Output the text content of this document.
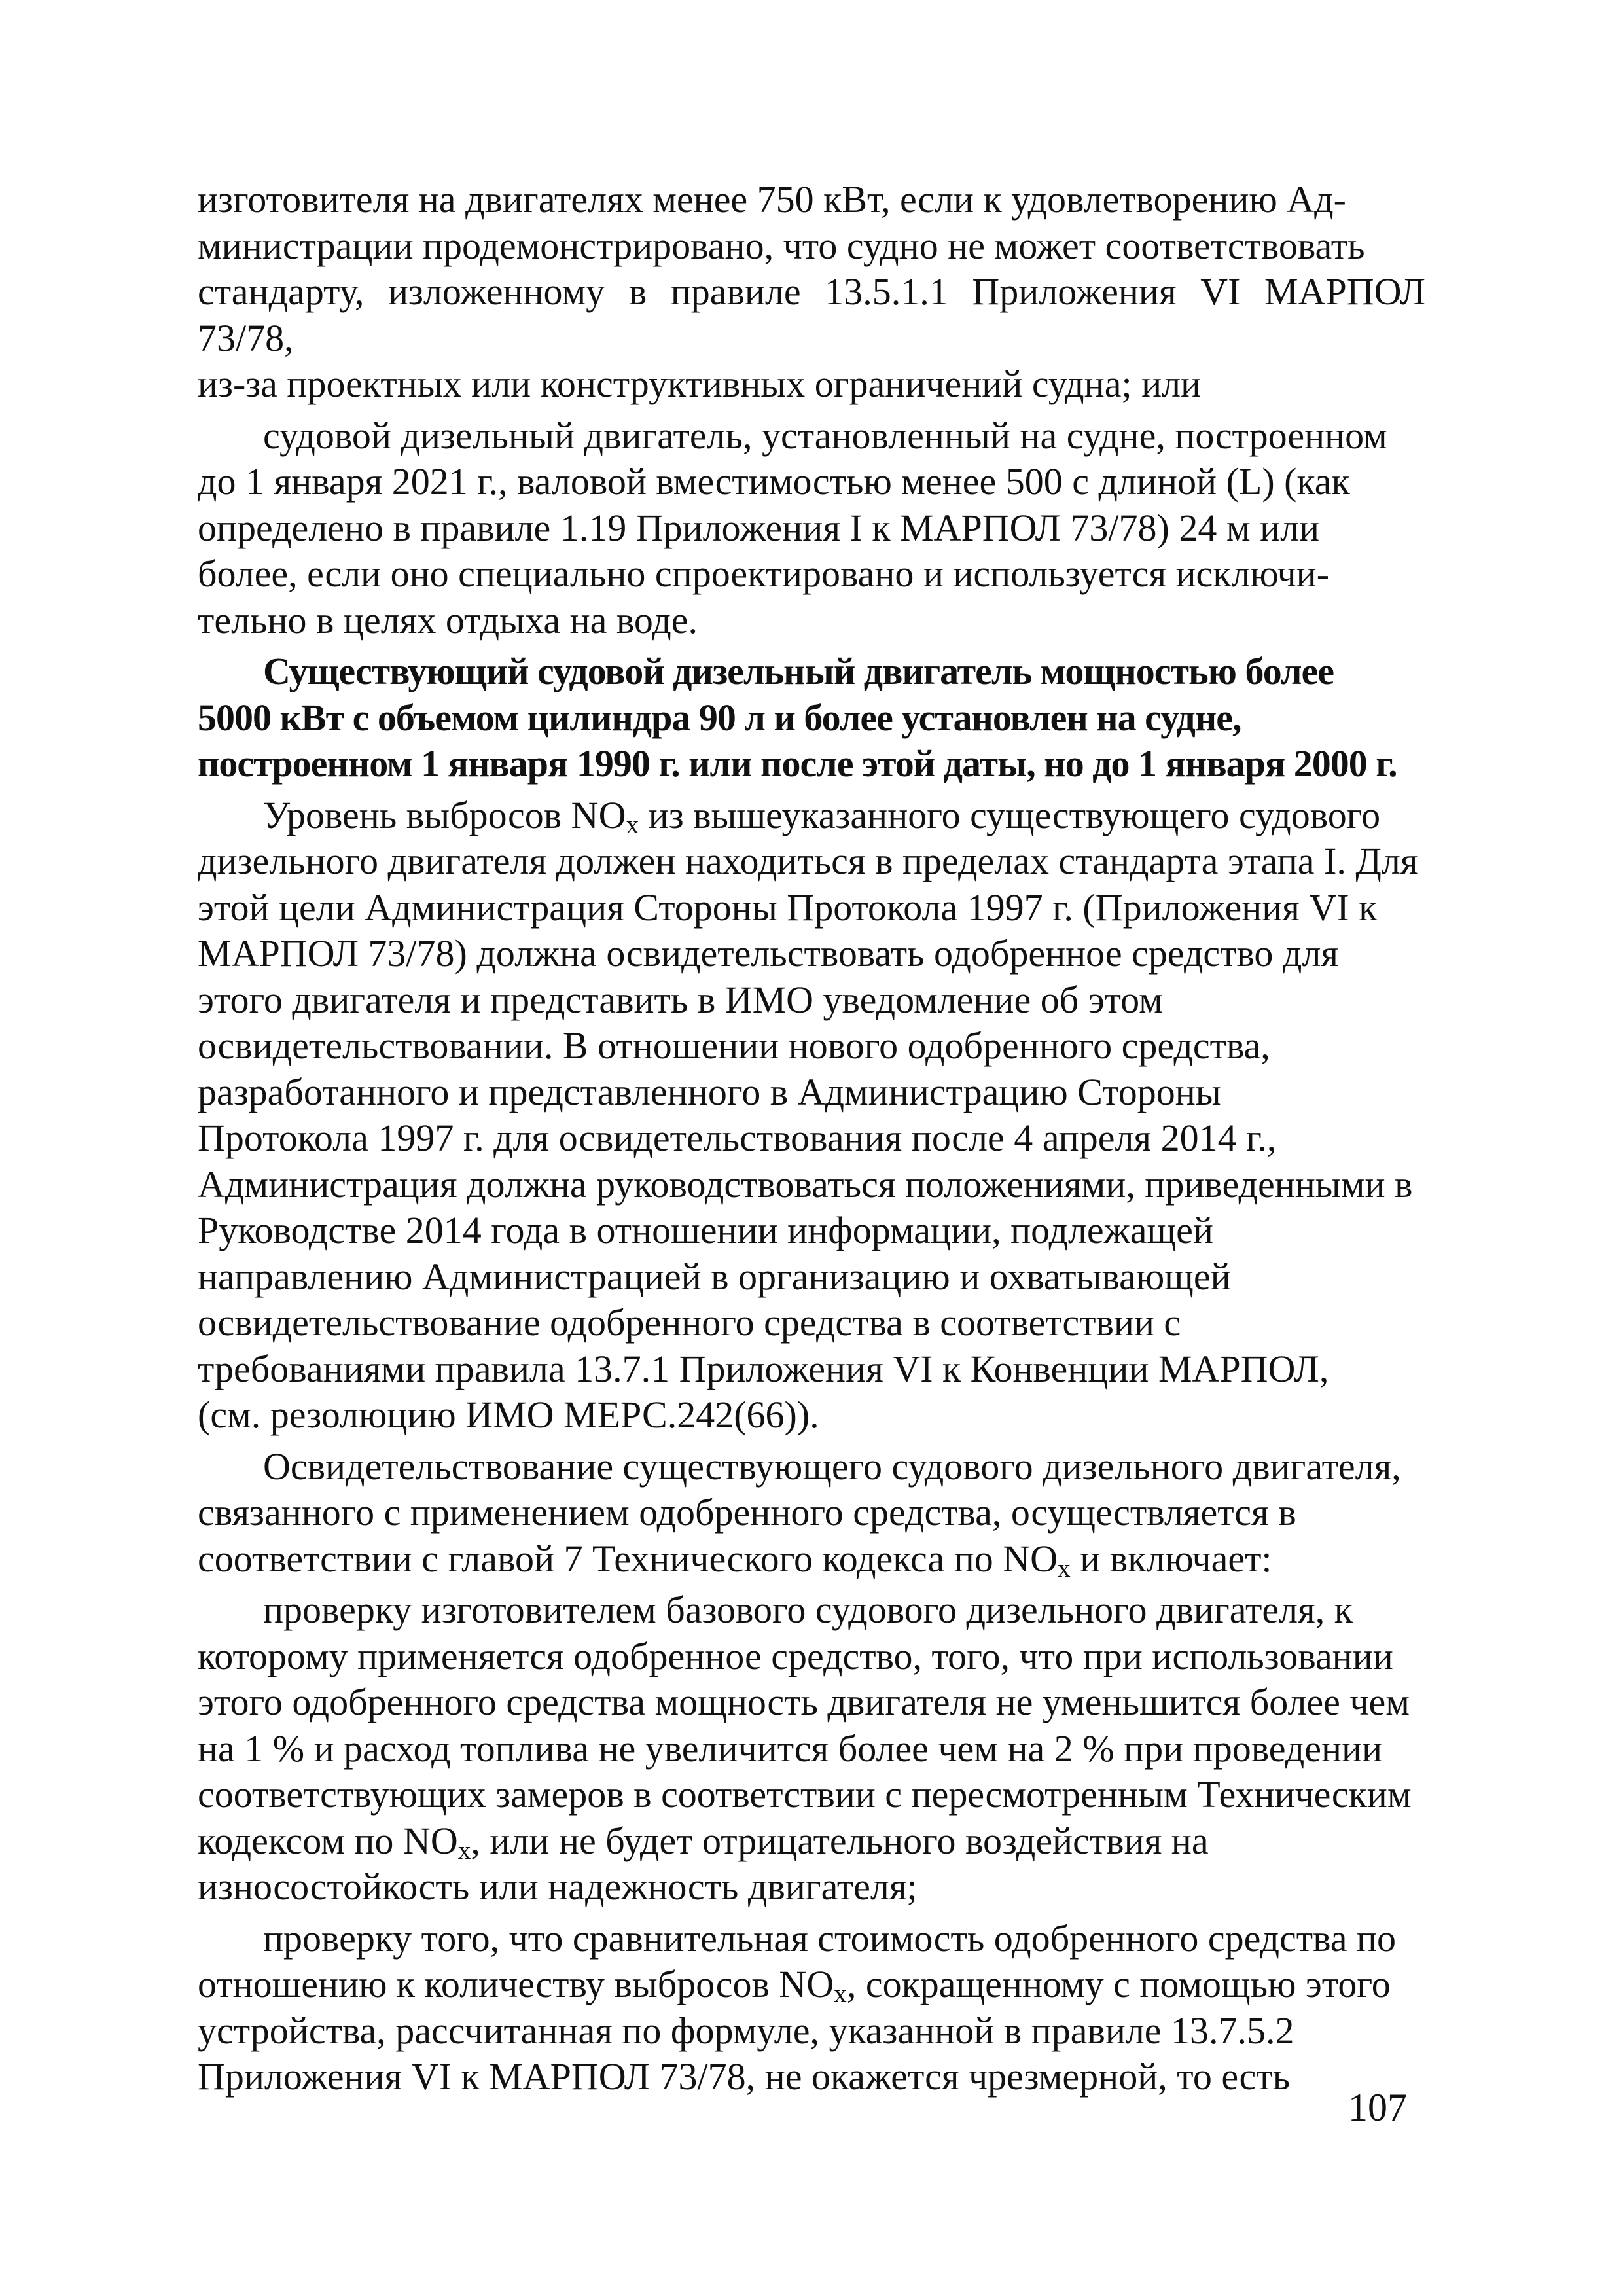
изготовителя на двигателях менее 750 кВт, если к удовлетворению Ад-
министрации продемонстрировано, что судно не может соответствовать
стандарту, изложенному в правиле 13.5.1.1 Приложения VI МАРПОЛ 73/78,
из-за проектных или конструктивных ограничений судна; или

судовой дизельный двигатель, установленный на судне, построенном
до 1 января 2021 г., валовой вместимостью менее 500 с длиной (L) (как
определено в правиле 1.19 Приложения I к МАРПОЛ 73/78) 24 м или
более, если оно специально спроектировано и используется исключи-
тельно в целях отдыха на воде.

Существующий судовой дизельный двигатель мощностью более
5000 кВт с объемом цилиндра 90 л и более установлен на судне,
построенном 1 января 1990 г. или после этой даты, но до 1 января 2000 г.

Уровень выбросов $NO_x$ из вышеуказанного существующего судового
дизельного двигателя должен находиться в пределах стандарта этапа I. Для
этой цели Администрация Стороны Протокола 1997 г. (Приложения VI к
МАРПОЛ 73/78) должна освидетельствовать одобренное средство для
этого двигателя и представить в ИМО уведомление об этом
освидетельствовании. В отношении нового одобренного средства,
разработанного и представленного в Администрацию Стороны
Протокола 1997 г. для освидетельствования после 4 апреля 2014 г.,
Администрация должна руководствоваться положениями, приведенными в
Руководстве 2014 года в отношении информации, подлежащей
направлению Администрацией в организацию и охватывающей
освидетельствование одобренного средства в соответствии с
требованиями правила 13.7.1 Приложения VI к Конвенции МАРПОЛ,
(см. резолюцию ИМО МЕРС.242(66)).

Освидетельствование существующего судового дизельного двигателя,
связанного с применением одобренного средства, осуществляется в
соответствии с главой 7 Технического кодекса по $NO_x$ и включает:

проверку изготовителем базового судового дизельного двигателя, к
которому применяется одобренное средство, того, что при использовании
этого одобренного средства мощность двигателя не уменьшится более чем
на 1 % и расход топлива не увеличится более чем на 2 % при проведении
соответствующих замеров в соответствии с пересмотренным Техническим
кодексом по $NO_x$, или не будет отрицательного воздействия на
износостойкость или надежность двигателя;

проверку того, что сравнительная стоимость одобренного средства по
отношению к количеству выбросов $NO_x$, сокращенному с помощью этого
устройства, рассчитанная по формуле, указанной в правиле 13.7.5.2
Приложения VI к МАРПОЛ 73/78, не окажется чрезмерной, то есть

107
